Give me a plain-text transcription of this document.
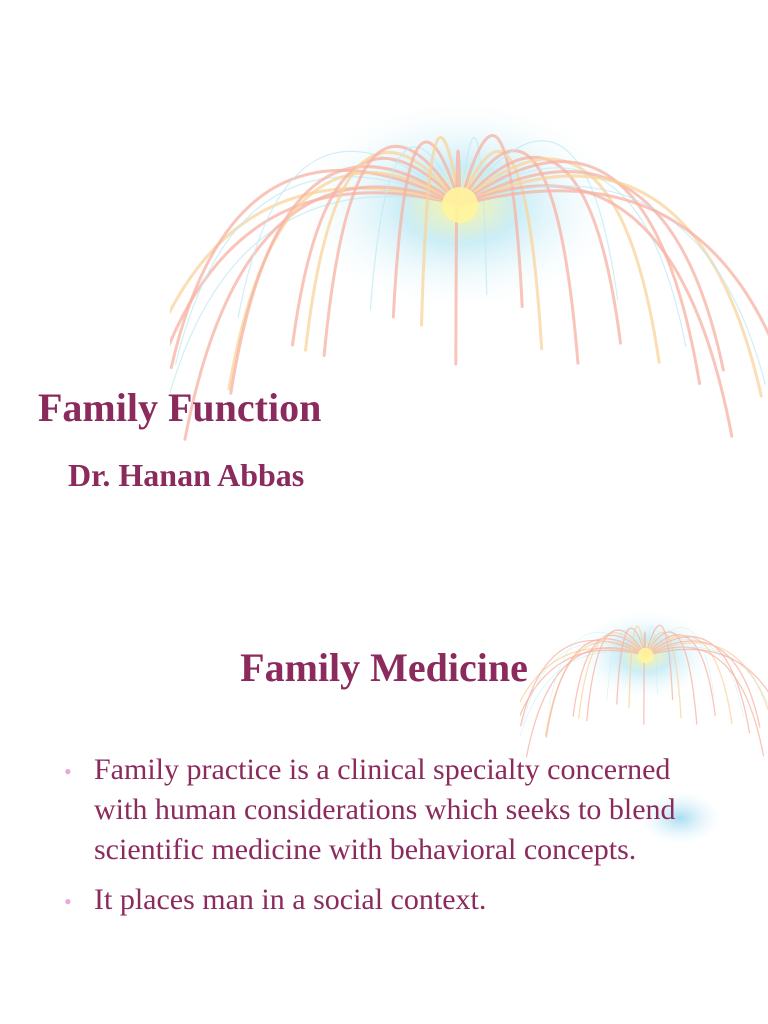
Family Function
Dr. Hanan Abbas
Family Medicine
• Family practice is a clinical specialty concerned with human considerations which seeks to blend scientific medicine with behavioral concepts.
• It places man in a social context.
